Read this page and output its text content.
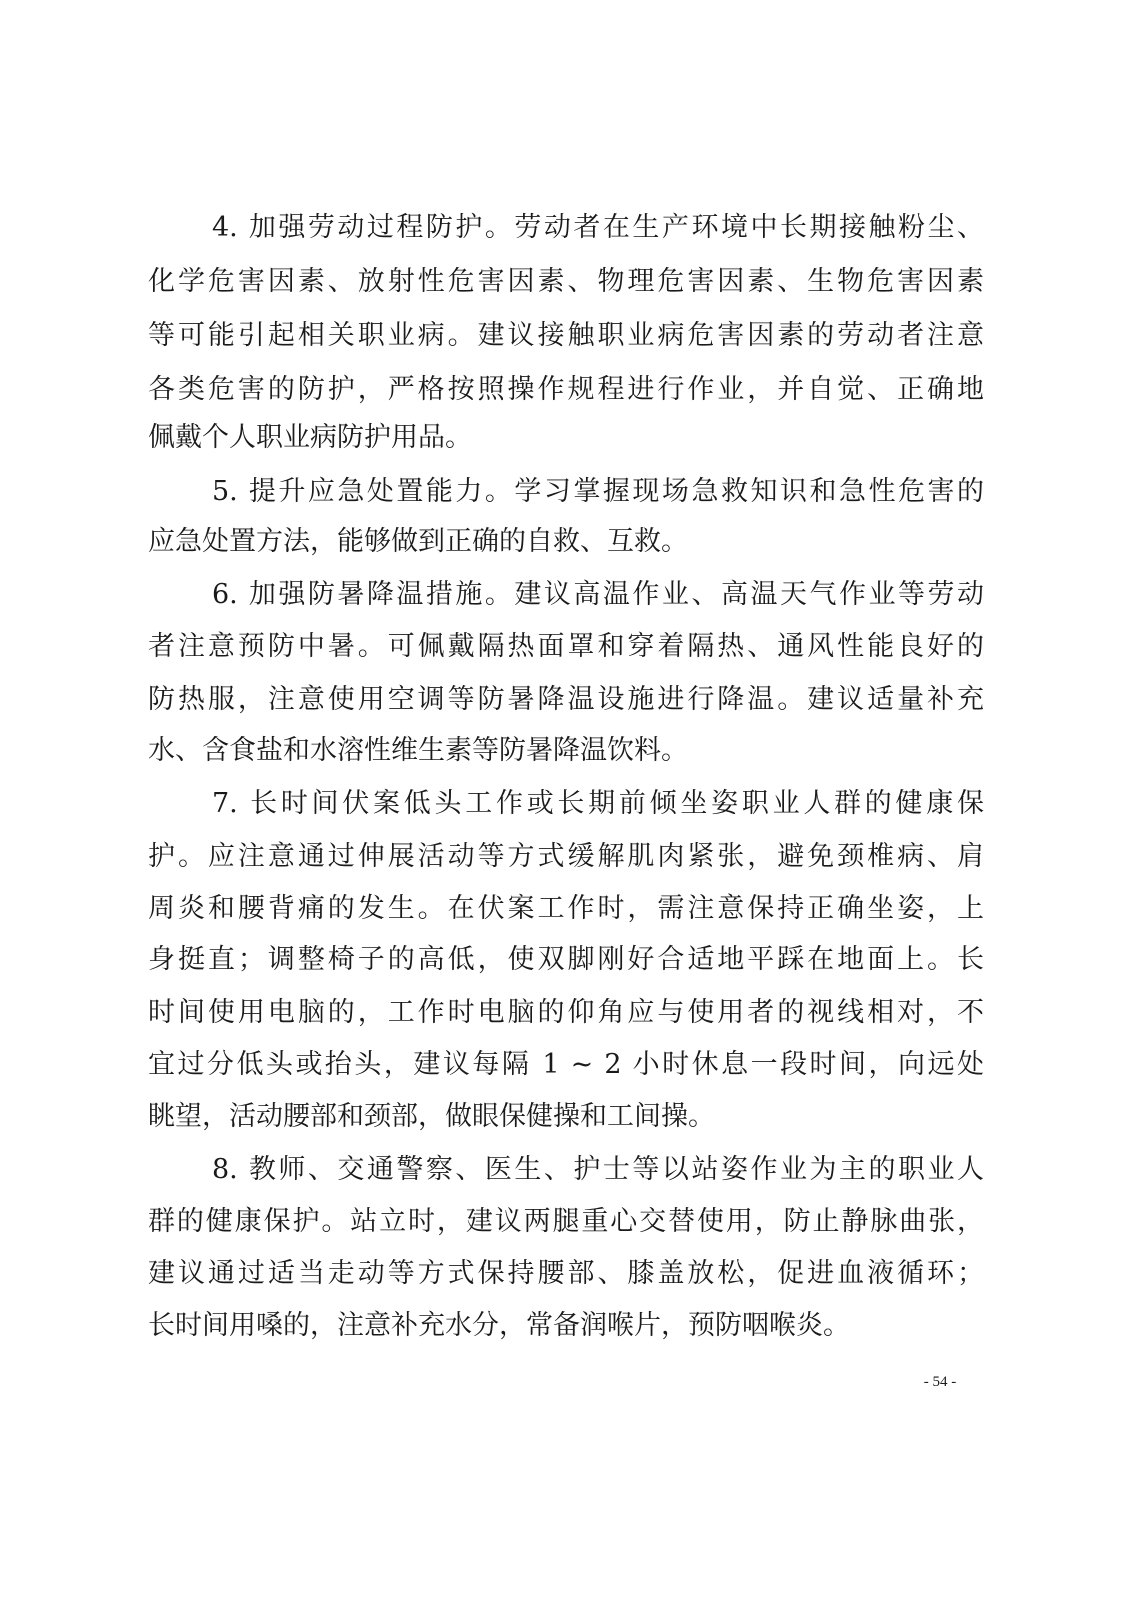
4. 加强劳动过程防护。劳动者在生产环境中长期接触粉尘、
化学危害因素、放射性危害因素、物理危害因素、生物危害因素
等可能引起相关职业病。建议接触职业病危害因素的劳动者注意
各类危害的防护，严格按照操作规程进行作业，并自觉、正确地
佩戴个人职业病防护用品。
5. 提升应急处置能力。学习掌握现场急救知识和急性危害的
应急处置方法，能够做到正确的自救、互救。
6. 加强防暑降温措施。建议高温作业、高温天气作业等劳动
者注意预防中暑。可佩戴隔热面罩和穿着隔热、通风性能良好的
防热服，注意使用空调等防暑降温设施进行降温。建议适量补充
水、含食盐和水溶性维生素等防暑降温饮料。
7. 长时间伏案低头工作或长期前倾坐姿职业人群的健康保
护。应注意通过伸展活动等方式缓解肌肉紧张，避免颈椎病、肩
周炎和腰背痛的发生。在伏案工作时，需注意保持正确坐姿，上
身挺直；调整椅子的高低，使双脚刚好合适地平踩在地面上。长
时间使用电脑的，工作时电脑的仰角应与使用者的视线相对，不
宜过分低头或抬头，建议每隔 1 ~ 2 小时休息一段时间，向远处
眺望，活动腰部和颈部，做眼保健操和工间操。
8. 教师、交通警察、医生、护士等以站姿作业为主的职业人
群的健康保护。站立时，建议两腿重心交替使用，防止静脉曲张，
建议通过适当走动等方式保持腰部、膝盖放松，促进血液循环；
长时间用嗓的，注意补充水分，常备润喉片，预防咽喉炎。
- 54 -
